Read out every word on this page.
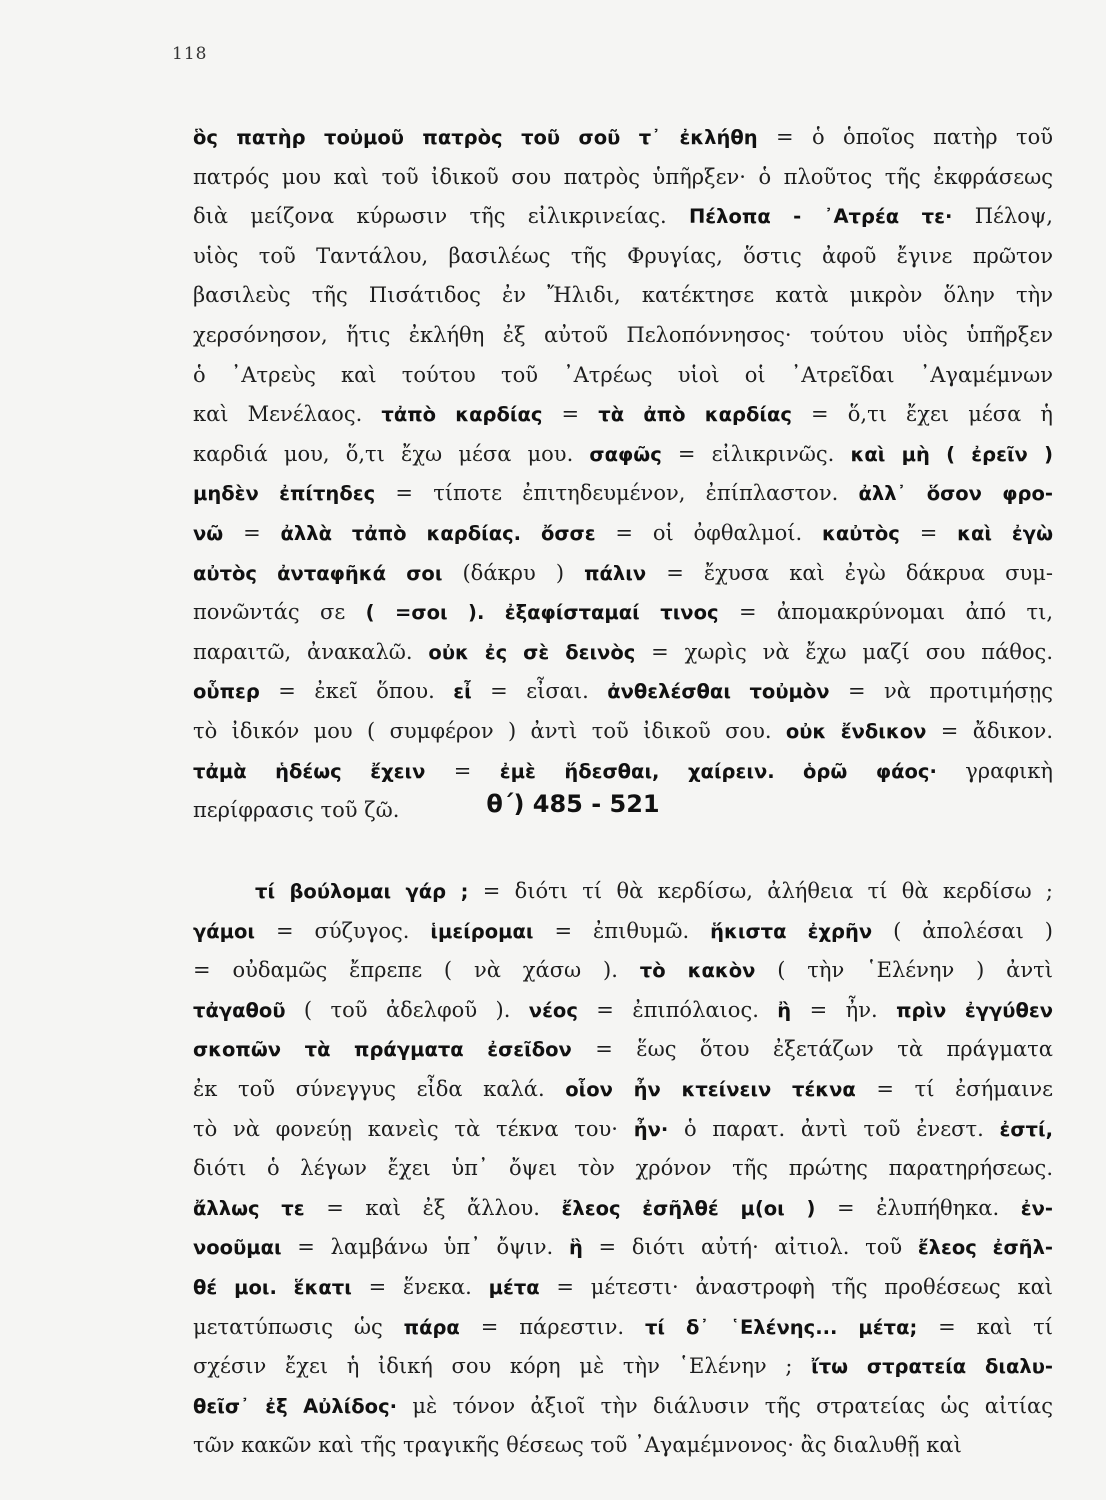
118
ὃς πατὴρ τοὐμοῦ πατρὸς τοῦ σοῦ τ᾿ ἐκλήθη = ὁ ὁποῖος πατὴρ τοῦ
πατρός μου καὶ τοῦ ἰδικοῦ σου πατρὸς ὑπῆρξεν· ὁ πλοῦτος τῆς ἐκφράσεως
διὰ μείζονα κύρωσιν τῆς εἰλικρινείας. Πέλοπα - ᾿Ατρέα τε· Πέλοψ,
υἱὸς τοῦ Ταντάλου, βασιλέως τῆς Φρυγίας, ὅστις ἀφοῦ ἔγινε πρῶτον
βασιλεὺς τῆς Πισάτιδος ἐν Ἤλιδι, κατέκτησε κατὰ μικρὸν ὅλην τὴν
χερσόνησον, ἥτις ἐκλήθη ἐξ αὐτοῦ Πελοπόννησος· τούτου υἱὸς ὑπῆρξεν
ὁ ᾿Ατρεὺς καὶ τούτου τοῦ ᾿Ατρέως υἱοὶ οἱ ᾿Ατρεῖδαι ᾿Αγαμέμνων
καὶ Μενέλαος. τἀπὸ καρδίας = τὰ ἀπὸ καρδίας = ὅ,τι ἔχει μέσα ἡ
καρδιά μου, ὅ,τι ἔχω μέσα μου. σαφῶς = εἰλικρινῶς. καὶ μὴ ( ἐρεῖν )
μηδὲν ἐπίτηδες = τίποτε ἐπιτηδευμένον, ἐπίπλαστον. ἀλλ᾿ ὅσον φρο-
νῶ = ἀλλὰ τἀπὸ καρδίας. ὄσσε = οἱ ὀφθαλμοί. καὐτὸς = καὶ ἐγὼ
αὐτὸς ἀνταφῆκά σοι (δάκρυ ) πάλιν = ἔχυσα καὶ ἐγὼ δάκρυα συμ-
πονῶντάς σε ( =σοι ). ἐξαφίσταμαί τινος = ἀπομακρύνομαι ἀπό τι,
παραιτῶ, ἀνακαλῶ. οὐκ ἐς σὲ δεινὸς = χωρὶς νὰ ἔχω μαζί σου πάθος.
οὗπερ = ἐκεῖ ὅπου. εἶ = εἶσαι. ἀνθελέσθαι τοὐμὸν = νὰ προτιμήσῃς
τὸ ἰδικόν μου ( συμφέρον ) ἀντὶ τοῦ ἰδικοῦ σου. οὐκ ἔνδικον = ἄδικον.
τἀμὰ ἡδέως ἔχειν = ἐμὲ ἥδεσθαι, χαίρειν. ὁρῶ φάος· γραφικὴ
περίφρασις τοῦ ζῶ.	θ΄) 485 - 521
τί βούλομαι γάρ ; = διότι τί θὰ κερδίσω, ἀλήθεια τί θὰ κερδίσω ;
γάμοι = σύζυγος. ἱμείρομαι = ἐπιθυμῶ. ἥκιστα ἐχρῆν ( ἀπολέσαι )
= οὐδαμῶς ἔπρεπε ( νὰ χάσω ). τὸ κακὸν ( τὴν ῾Ελένην ) ἀντὶ
τἀγαθοῦ ( τοῦ ἀδελφοῦ ). νέος = ἐπιπόλαιος. ἢ = ἦν. πρὶν ἐγγύθεν
σκοπῶν τὰ πράγματα ἐσεῖδον = ἕως ὅτου ἐξετάζων τὰ πράγματα
ἐκ τοῦ σύνεγγυς εἶδα καλά. οἷον ἦν κτείνειν τέκνα = τί ἐσήμαινε
τὸ νὰ φονεύῃ κανεὶς τὰ τέκνα του· ἦν· ὁ παρατ. ἀντὶ τοῦ ἐνεστ. ἐστί,
διότι ὁ λέγων ἔχει ὑπ᾿ ὄψει τὸν χρόνον τῆς πρώτης παρατηρήσεως.
ἄλλως τε = καὶ ἐξ ἄλλου. ἔλεος ἐσῆλθέ μ(οι ) = ἐλυπήθηκα. ἐν-
νοοῦμαι = λαμβάνω ὑπ᾿ ὄψιν. ἣ = διότι αὐτή· αἰτιολ. τοῦ ἔλεος ἐσῆλ-
θέ μοι. ἕκατι = ἕνεκα. μέτα = μέτεστι· ἀναστροφὴ τῆς προθέσεως καὶ
μετατύπωσις ὡς πάρα = πάρεστιν. τί δ᾿ ῾Ελένης... μέτα; = καὶ τί
σχέσιν ἔχει ἡ ἰδική σου κόρη μὲ τὴν ῾Ελένην ; ἴτω στρατεία διαλυ-
θεῖσ᾿ ἐξ Αὐλίδος· μὲ τόνον ἀξιοῖ τὴν διάλυσιν τῆς στρατείας ὡς αἰτίας
τῶν κακῶν καὶ τῆς τραγικῆς θέσεως τοῦ ᾿Αγαμέμνονος· ἂς διαλυθῇ καὶ
